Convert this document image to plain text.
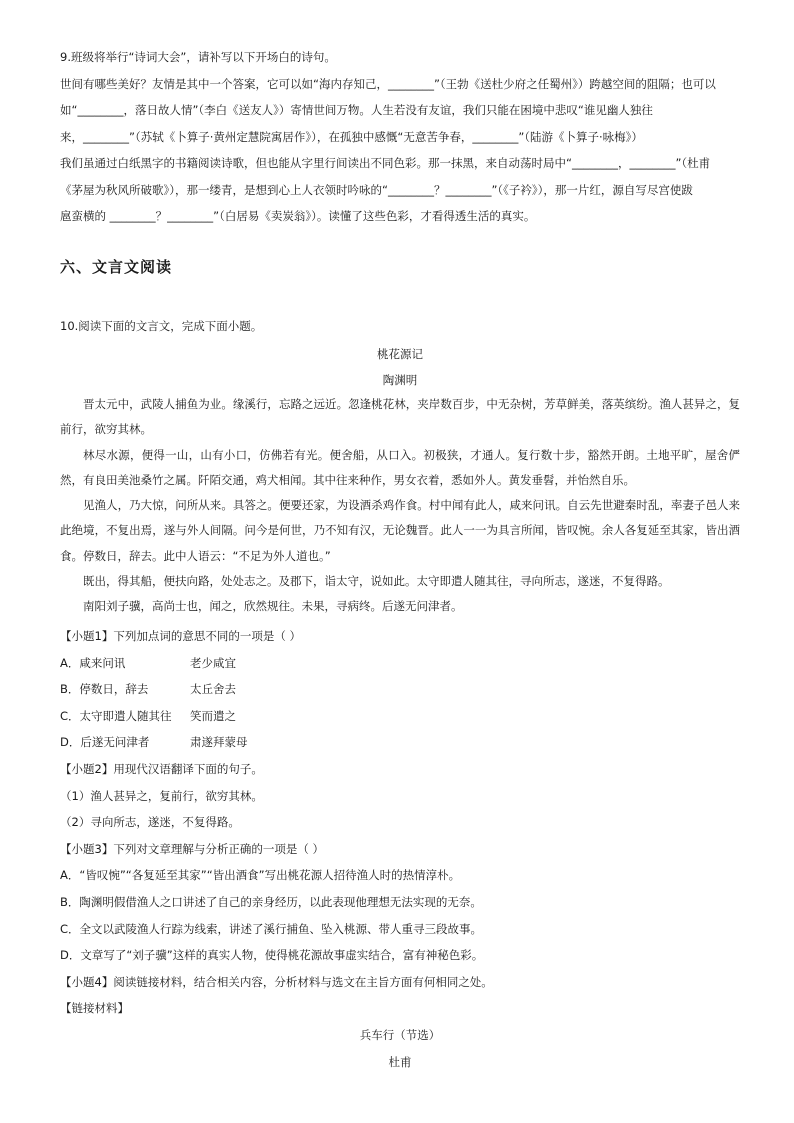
9.班级将举行“诗词大会”，请补写以下开场白的诗句。

世间有哪些美好？友情是其中一个答案，它可以如“海内存知己，________”（王勃《送杜少府之任蜀州》）跨越空间的阻隔；也可以

如“________，落日故人情”（李白《送友人》）寄情世间万物。人生若没有友谊，我们只能在困境中悲叹“谁见幽人独往

来，________”（苏轼《卜算子·黄州定慧院寓居作》），在孤独中感慨“无意苦争春，________”（陆游《卜算子·咏梅》）

我们虽通过白纸黑字的书籍阅读诗歌，但也能从字里行间读出不同色彩。那一抹黑，来自动荡时局中“________，________”（杜甫

《茅屋为秋风所破歌》），那一缕青，是想到心上人衣领时吟咏的“________？________”（《子衿》），那一片红，源自写尽宫使跋

扈蛮横的 ________？________”（白居易《卖炭翁》）。读懂了这些色彩，才看得透生活的真实。

六、文言文阅读
10.阅读下面的文言文，完成下面小题。
桃花源记
陶渊明

晋太元中，武陵人捕鱼为业。缘溪行，忘路之远近。忽逢桃花林，夹岸数百步，中无杂树，芳草鲜美，落英缤纷。渔人甚异之，复前行，欲穷其林。

林尽水源，便得一山，山有小口，仿佛若有光。便舍船，从口入。初极狭，才通人。复行数十步，豁然开朗。土地平旷，屋舍俨然，有良田美池桑竹之属。阡陌交通，鸡犬相闻。其中往来种作，男女衣着，悉如外人。黄发垂髫，并怡然自乐。

见渔人，乃大惊，问所从来。具答之。便要还家，为设酒杀鸡作食。村中闻有此人，咸来问讯。自云先世避秦时乱，率妻子邑人来此绝境，不复出焉，遂与外人间隔。问今是何世，乃不知有汉，无论魏晋。此人一一为具言所闻，皆叹惋。余人各复延至其家，皆出酒食。停数日，辞去。此中人语云：“不足为外人道也。”

既出，得其船，便扶向路，处处志之。及郡下，诣太守，说如此。太守即遣人随其往，寻向所志，遂迷，不复得路。

南阳刘子骥，高尚士也，闻之，欣然规往。未果，寻病终。后遂无问津者。

【小题1】下列加点词的意思不同的一项是（ ）
A．咸来问讯	老少咸宜
B．停数日，辞去	太丘舍去
C．太守即遣人随其往 笑而遣之
D．后遂无问津者	肃遂拜蒙母
【小题2】用现代汉语翻译下面的句子。
（1）渔人甚异之，复前行，欲穷其林。
（2）寻向所志，遂迷，不复得路。
【小题3】下列对文章理解与分析正确的一项是（ ）
A．“皆叹惋”“各复延至其家”“皆出酒食”写出桃花源人招待渔人时的热情淳朴。
B．陶渊明假借渔人之口讲述了自己的亲身经历，以此表现他理想无法实现的无奈。
C．全文以武陵渔人行踪为线索，讲述了溪行捕鱼、坠入桃源、带人重寻三段故事。
D．文章写了“刘子骥”这样的真实人物，使得桃花源故事虚实结合，富有神秘色彩。
【小题4】阅读链接材料，结合相关内容，分析材料与选文在主旨方面有何相同之处。
【链接材料】
兵车行（节选）
杜甫
